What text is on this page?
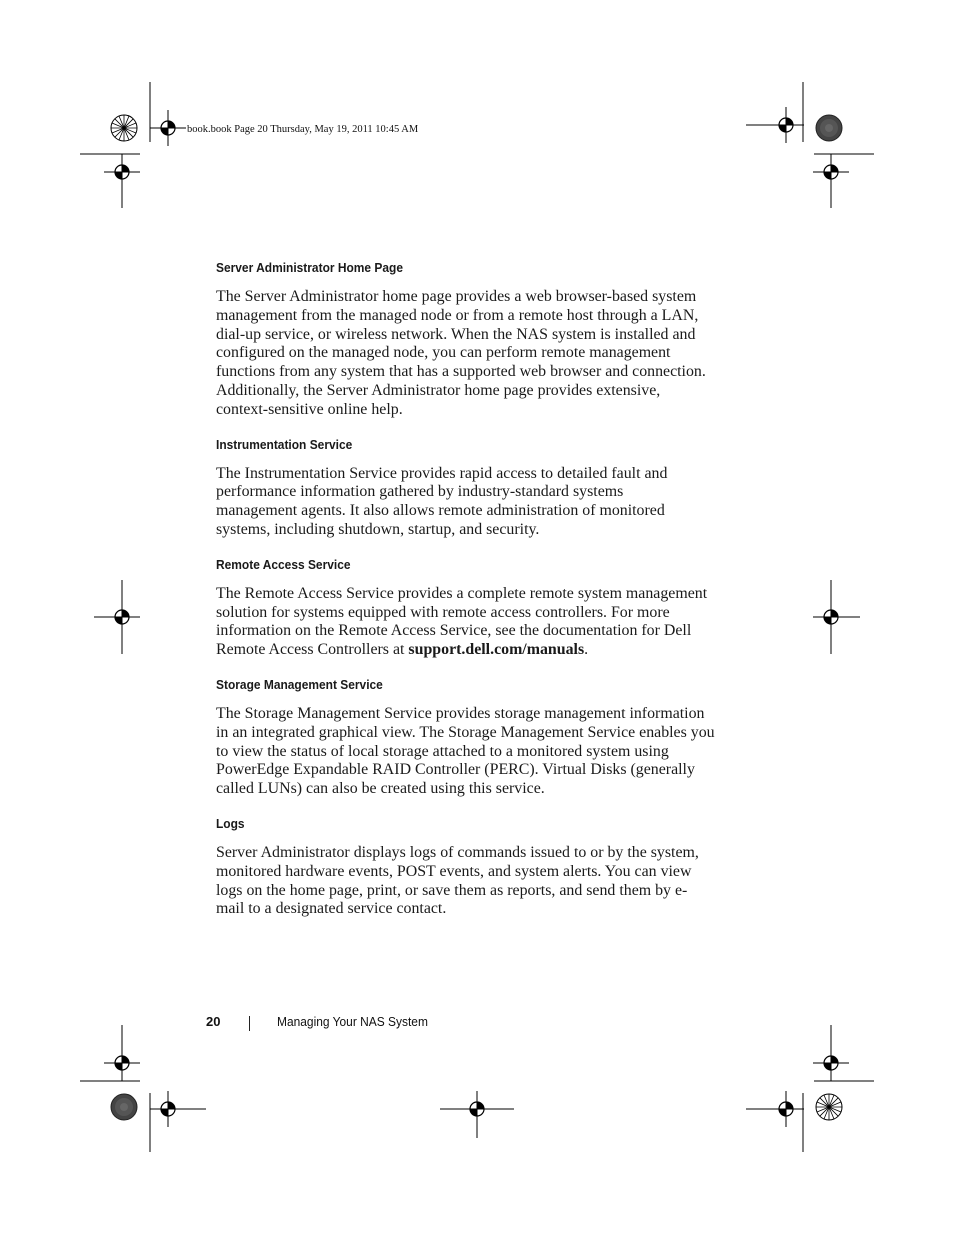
book.book Page 20 Thursday, May 19, 2011 10:45 AM
Server Administrator Home Page

The Server Administrator home page provides a web browser-based system
management from the managed node or from a remote host through a LAN,
dial-up service, or wireless network. When the NAS system is installed and
configured on the managed node, you can perform remote management
functions from any system that has a supported web browser and connection.
Additionally, the Server Administrator home page provides extensive,
context-sensitive online help.

Instrumentation Service

The Instrumentation Service provides rapid access to detailed fault and
performance information gathered by industry-standard systems
management agents. It also allows remote administration of monitored
systems, including shutdown, startup, and security.

Remote Access Service

The Remote Access Service provides a complete remote system management
solution for systems equipped with remote access controllers. For more
information on the Remote Access Service, see the documentation for Dell
Remote Access Controllers at support.dell.com/manuals.

Storage Management Service

The Storage Management Service provides storage management information
in an integrated graphical view. The Storage Management Service enables you
to view the status of local storage attached to a monitored system using
PowerEdge Expandable RAID Controller (PERC). Virtual Disks (generally
called LUNs) can also be created using this service.

Logs

Server Administrator displays logs of commands issued to or by the system,
monitored hardware events, POST events, and system alerts. You can view
logs on the home page, print, or save them as reports, and send them by e-
mail to a designated service contact.

20	Managing Your NAS System
